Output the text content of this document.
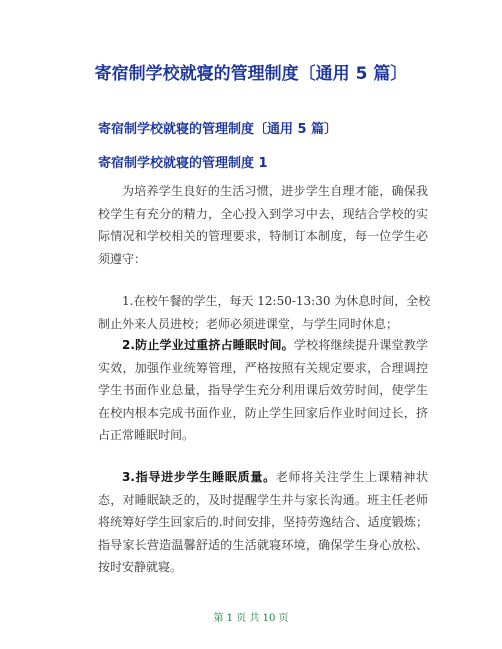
寄宿制学校就寝的管理制度〔通用 5 篇〕
寄宿制学校就寝的管理制度〔通用 5 篇〕
寄宿制学校就寝的管理制度 1
为培养学生良好的生活习惯，进步学生自理才能，确保我
校学生有充分的精力，全心投入到学习中去，现结合学校的实
际情况和学校相关的管理要求，特制订本制度，每一位学生必
须遵守：
1.在校午餐的学生，每天 12:50-13:30 为休息时间，全校
制止外来人员进校；老师必须进课堂，与学生同时休息；
2.防止学业过重挤占睡眠时间。学校将继续提升课堂教学
实效，加强作业统筹管理，严格按照有关规定要求，合理调控
学生书面作业总量，指导学生充分利用课后效劳时间，使学生
在校内根本完成书面作业，防止学生回家后作业时间过长，挤
占正常睡眠时间。
3.指导进步学生睡眠质量。老师将关注学生上课精神状
态，对睡眠缺乏的，及时提醒学生并与家长沟通。班主任老师
将统筹好学生回家后的.时间安排，坚持劳逸结合、适度锻炼；
指导家长营造温馨舒适的生活就寝环境，确保学生身心放松、
按时安静就寝。
第 1 页 共 10 页
